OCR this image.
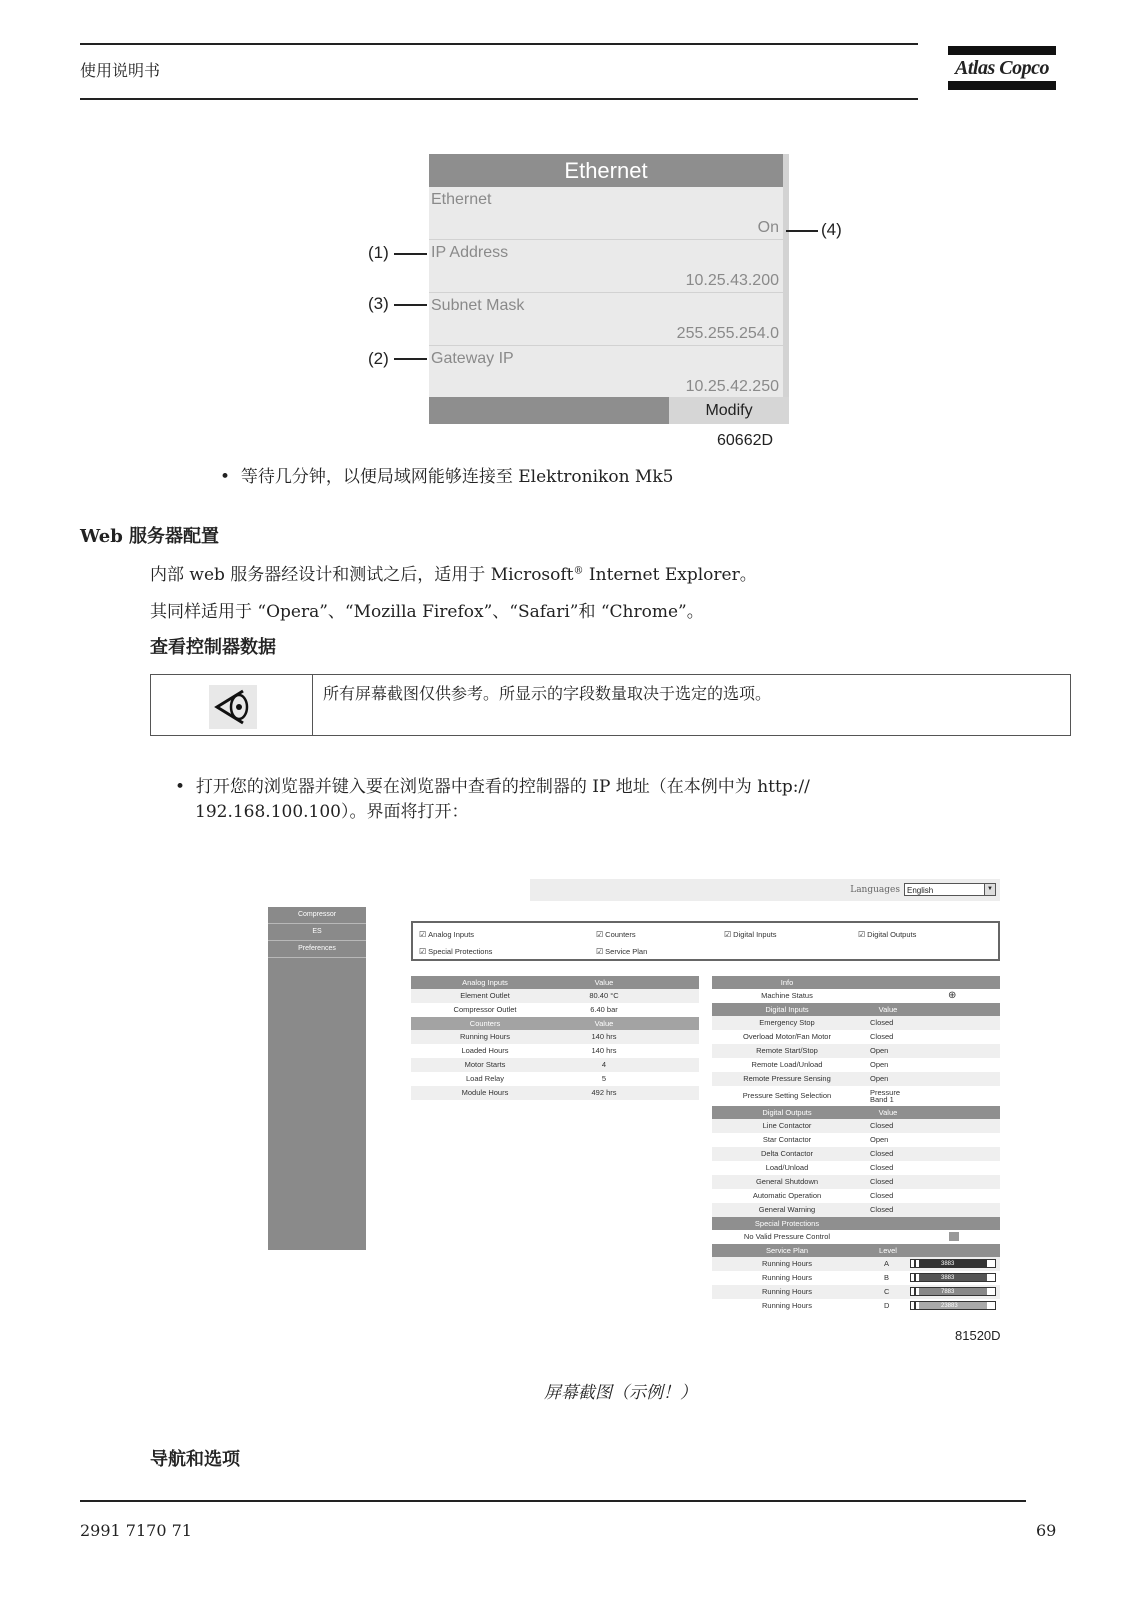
使用说明书	Atlas Copco
Ethernet
Ethernet
On
IP Address
10.25.43.200
Subnet Mask
255.255.254.0
Gateway IP
10.25.42.250
Modify
(1)
(3)
(2)
(4)
60662D
•  等待几分钟，以便局域网能够连接至 Elektronikon Mk5
Web 服务器配置
内部 web 服务器经设计和测试之后，适用于 Microsoft® Internet Explorer。
其同样适用于 “Opera”、“Mozilla Firefox”、“Safari”和 “Chrome”。
查看控制器数据
所有屏幕截图仅供参考。所显示的字段数量取决于选定的选项。
•  打开您的浏览器并键入要在浏览器中查看的控制器的 IP 地址（在本例中为 http://
192.168.100.100）。界面将打开：
Compressor
ES
Preferences
Languages English	▼
☑ Analog Inputs	☑ Counters	☑ Digital Inputs	☑ Digital Outputs
☑ Special Protections	☑ Service Plan
Analog Inputs	Value
Element Outlet	80.40 °C
Compressor Outlet	6.40 bar
Counters	Value
Running Hours	140 hrs
Loaded Hours	140 hrs
Motor Starts	4
Load Relay	5
Module Hours	492 hrs
Info
Machine Status	⊕
Digital Inputs	Value
Emergency Stop	Closed
Overload Motor/Fan Motor	Closed
Remote Start/Stop	Open
Remote Load/Unload	Open
Remote Pressure Sensing	Open
Pressure Setting Selection	Pressure Band 1
Digital Outputs	Value
Line Contactor	Closed
Star Contactor	Open
Delta Contactor	Closed
Load/Unload	Closed
General Shutdown	Closed
Automatic Operation	Closed
General Warning	Closed
Special Protections
No Valid Pressure Control
Service Plan	Level
Running Hours	A	3883
Running Hours	B	3883
Running Hours	C	7883
Running Hours	D	23883
81520D
屏幕截图（示例！）
导航和选项
2991 7170 71	69
